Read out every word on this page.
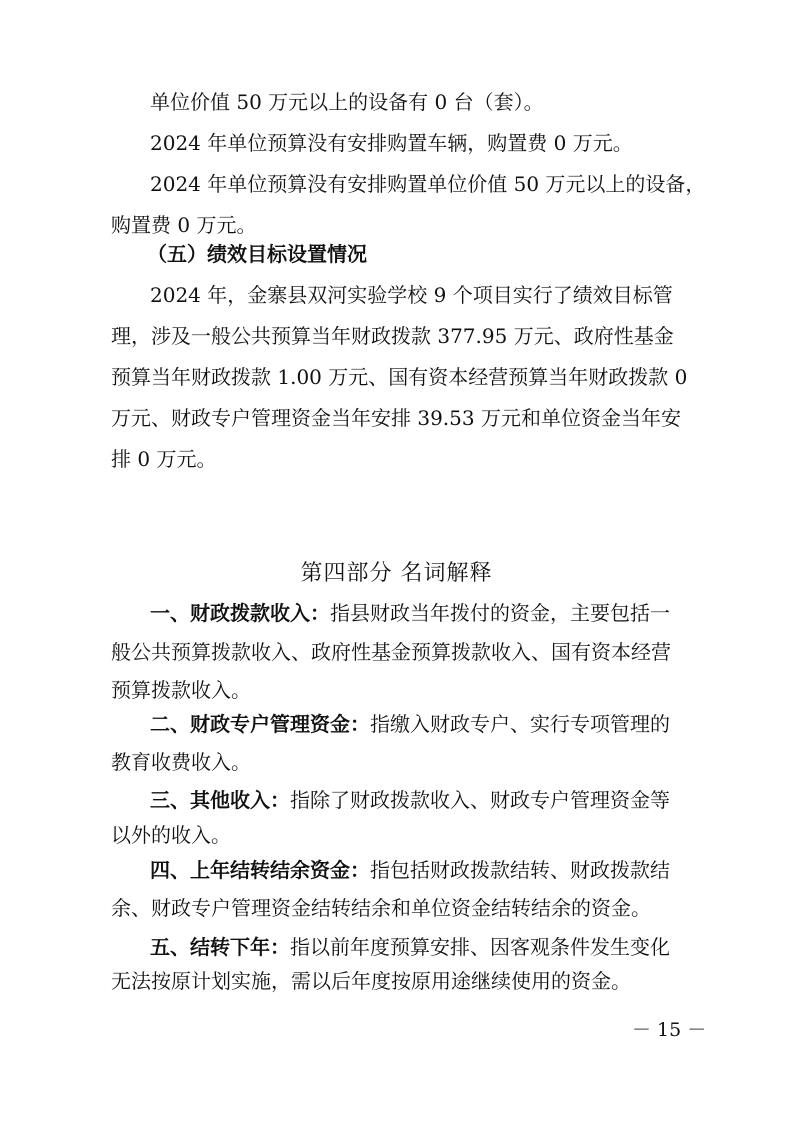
单位价值 50 万元以上的设备有 0 台（套）。
2024 年单位预算没有安排购置车辆，购置费 0 万元。
2024 年单位预算没有安排购置单位价值 50 万元以上的设备，
购置费 0 万元。
（五）绩效目标设置情况
2024 年，金寨县双河实验学校 9 个项目实行了绩效目标管
理，涉及一般公共预算当年财政拨款 377.95 万元、政府性基金
预算当年财政拨款 1.00 万元、国有资本经营预算当年财政拨款 0
万元、财政专户管理资金当年安排 39.53 万元和单位资金当年安
排 0 万元。
第四部分 名词解释
一、财政拨款收入：指县财政当年拨付的资金，主要包括一
般公共预算拨款收入、政府性基金预算拨款收入、国有资本经营
预算拨款收入。
二、财政专户管理资金：指缴入财政专户、实行专项管理的
教育收费收入。
三、其他收入：指除了财政拨款收入、财政专户管理资金等
以外的收入。
四、上年结转结余资金：指包括财政拨款结转、财政拨款结
余、财政专户管理资金结转结余和单位资金结转结余的资金。
五、结转下年：指以前年度预算安排、因客观条件发生变化
无法按原计划实施，需以后年度按原用途继续使用的资金。
－ 15 －
